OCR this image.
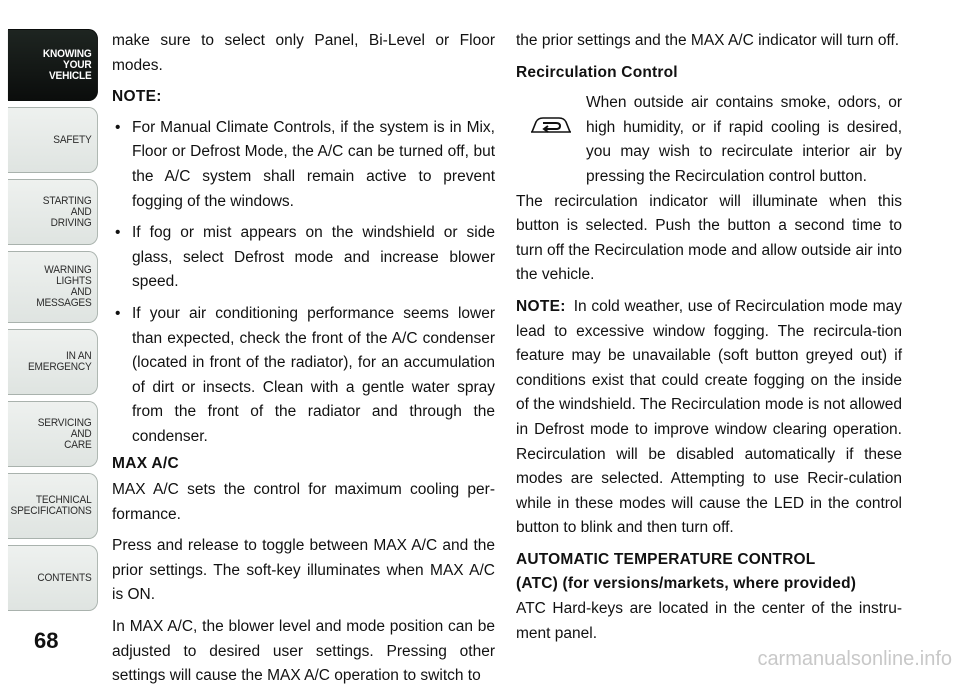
KNOWING
YOUR
VEHICLE
SAFETY
STARTING
AND
DRIVING
WARNING
LIGHTS
AND
MESSAGES
IN AN
EMERGENCY
SERVICING
AND
CARE
TECHNICAL
SPECIFICATIONS
CONTENTS
68

make sure to select only Panel, Bi-Level or Floor modes.

NOTE:
• For Manual Climate Controls, if the system is in Mix, Floor or Defrost Mode, the A/C can be turned off, but the A/C system shall remain active to prevent fogging of the windows.
• If fog or mist appears on the windshield or side glass, select Defrost mode and increase blower speed.
• If your air conditioning performance seems lower than expected, check the front of the A/C condenser (located in front of the radiator), for an accumulation of dirt or insects. Clean with a gentle water spray from the front of the radiator and through the condenser.
MAX A/C

MAX A/C sets the control for maximum cooling per-formance.

Press and release to toggle between MAX A/C and the prior settings. The soft-key illuminates when MAX A/C is ON.

In MAX A/C, the blower level and mode position can be adjusted to desired user settings. Pressing other settings will cause the MAX A/C operation to switch to

the prior settings and the MAX A/C indicator will turn off.

Recirculation Control
When outside air contains smoke, odors, or high humidity, or if rapid cooling is desired, you may wish to recirculate interior air by pressing the Recirculation control button.

The recirculation indicator will illuminate when this button is selected. Push the button a second time to turn off the Recirculation mode and allow outside air into the vehicle.

NOTE: In cold weather, use of Recirculation mode may lead to excessive window fogging. The recircula-tion feature may be unavailable (soft button greyed out) if conditions exist that could create fogging on the inside of the windshield. The Recirculation mode is not allowed in Defrost mode to improve window clearing operation. Recirculation will be disabled automatically if these modes are selected. Attempting to use Recir-culation while in these modes will cause the LED in the control button to blink and then turn off.

AUTOMATIC TEMPERATURE CONTROL
(ATC) (for versions/markets, where provided)

ATC Hard-keys are located in the center of the instru-ment panel.

carmanualsonline.info
